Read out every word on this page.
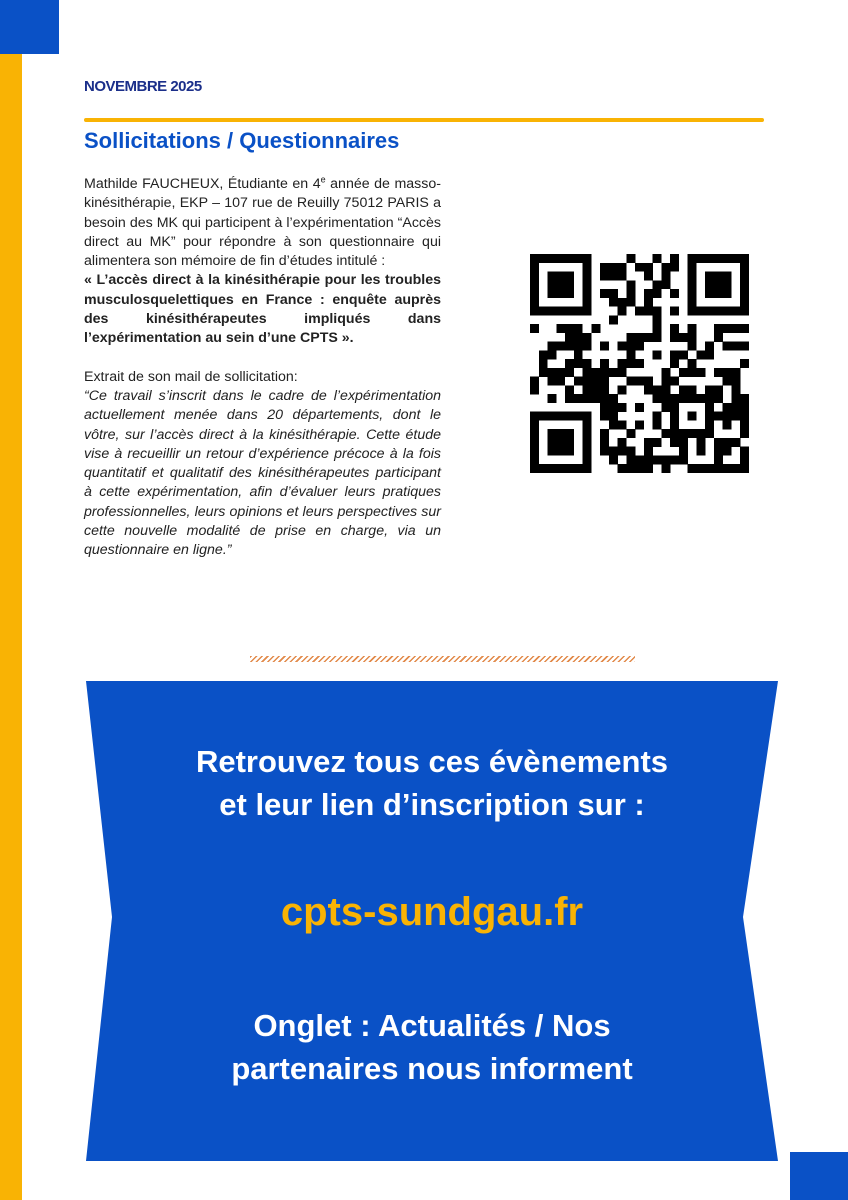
NOVEMBRE 2025
Sollicitations / Questionnaires

Mathilde FAUCHEUX, Étudiante en 4e année de masso-kinésithérapie, EKP – 107 rue de Reuilly 75012 PARIS a besoin des MK qui participent à l’expérimentation “Accès direct au MK” pour répondre à son questionnaire qui alimentera son mémoire de fin d’études intitulé :

« L’accès direct à la kinésithérapie pour les troubles musculosquelettiques en France : enquête auprès des kinésithérapeutes impliqués dans l’expérimentation au sein d’une CPTS ».

Extrait de son mail de sollicitation:

“Ce travail s’inscrit dans le cadre de l’expérimentation actuellement menée dans 20 départements, dont le vôtre, sur l’accès direct à la kinésithérapie. Cette étude vise à recueillir un retour d’expérience précoce à la fois quantitatif et qualitatif des kinésithérapeutes participant à cette expérimentation, afin d’évaluer leurs pratiques professionnelles, leurs opinions et leurs perspectives sur cette nouvelle modalité de prise en charge, via un questionnaire en ligne.”

Retrouvez tous ces évènements
et leur lien d’inscription sur :
cpts-sundgau.fr
Onglet : Actualités / Nos
partenaires nous informent
